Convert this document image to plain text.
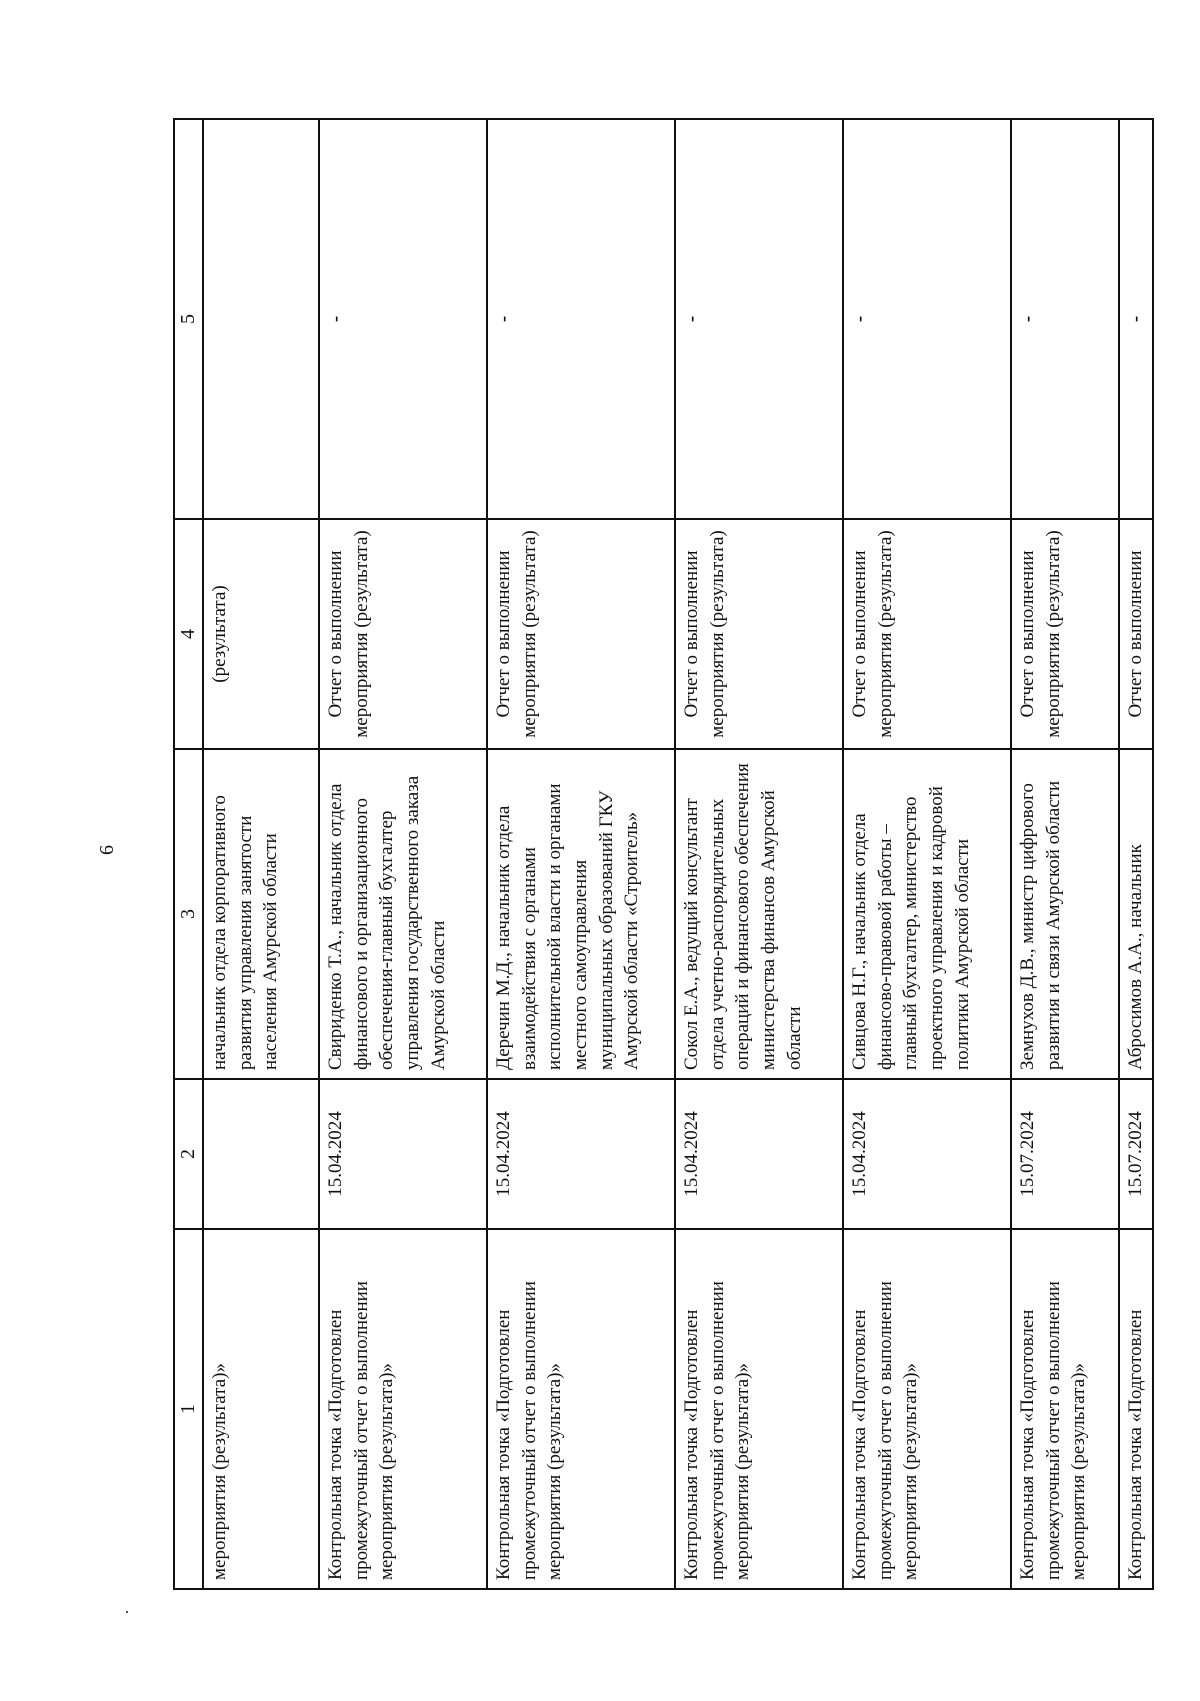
6
1	2	3	4	5
мероприятия (результата)»		начальник отдела корпоративного развития управления занятости населения Амурской области	(результата)	
Контрольная точка «Подготовлен промежуточный отчет о выполнении мероприятия (результата)»	15.04.2024	Свириденко Т.А., начальник отдела финансового и организационного обеспечения-главный бухгалтер управления государственного заказа Амурской области	Отчет о выполнении мероприятия (результата)	-
Контрольная точка «Подготовлен промежуточный отчет о выполнении мероприятия (результата)»	15.04.2024	Деречин М.Д., начальник отдела взаимодействия с органами исполнительной власти и органами местного самоуправления муниципальных образований ГКУ Амурской области «Строитель»	Отчет о выполнении мероприятия (результата)	-
Контрольная точка «Подготовлен промежуточный отчет о выполнении мероприятия (результата)»	15.04.2024	Сокол Е.А., ведущий консультант отдела учетно-распорядительных операций и финансового обеспечения министерства финансов Амурской области	Отчет о выполнении мероприятия (результата)	-
Контрольная точка «Подготовлен промежуточный отчет о выполнении мероприятия (результата)»	15.04.2024	Сивцова Н.Г., начальник отдела финансово-правовой работы – главный бухгалтер, министерство проектного управления и кадровой политики Амурской области	Отчет о выполнении мероприятия (результата)	-
Контрольная точка «Подготовлен промежуточный отчет о выполнении мероприятия (результата)»	15.07.2024	Земнухов Д.В., министр цифрового развития и связи Амурской области	Отчет о выполнении мероприятия (результата)	-
Контрольная точка «Подготовлен	15.07.2024	Абросимов А.А., начальник	Отчет о выполнении	-
